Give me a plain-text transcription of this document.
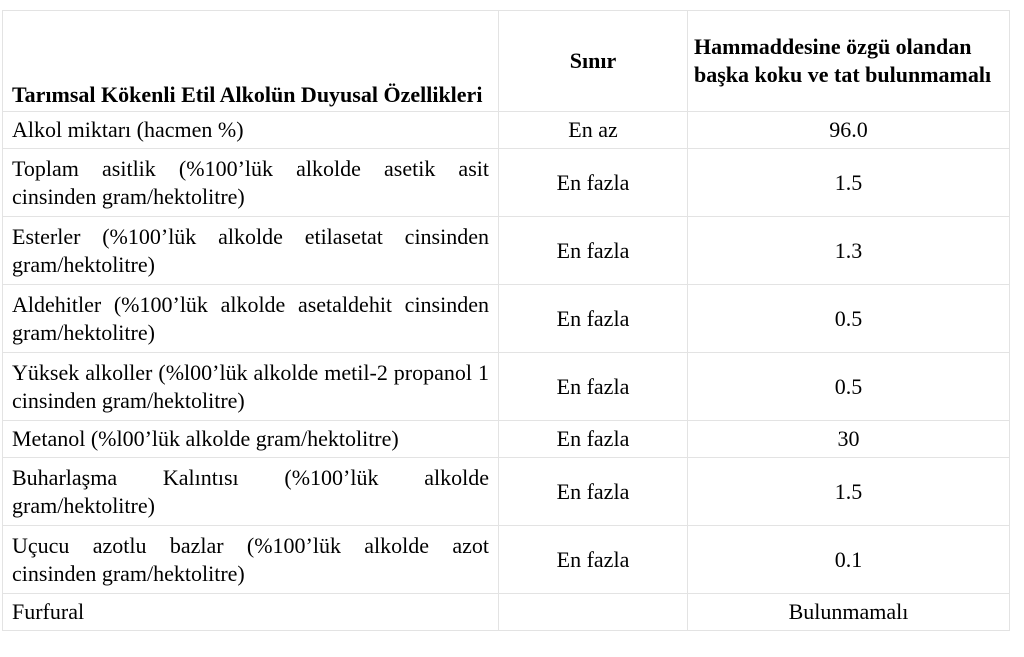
Tarımsal Kökenli Etil Alkolün Duyusal Özellikleri	Sınır	Hammaddesine özgü olandan başka koku ve tat bulunmamalı
Alkol miktarı (hacmen %)	En az	96.0
Toplam asitlik (%100’lük alkolde asetik asit cinsinden gram/hektolitre)	En fazla	1.5
Esterler (%100’lük alkolde etilasetat cinsinden gram/hektolitre)	En fazla	1.3
Aldehitler (%100’lük alkolde asetaldehit cinsinden gram/hektolitre)	En fazla	0.5
Yüksek alkoller (%l00’lük alkolde metil-2 propanol 1 cinsinden gram/hektolitre)	En fazla	0.5
Metanol (%l00’lük alkolde gram/hektolitre)	En fazla	30
Buharlaşma Kalıntısı (%100’lük alkolde gram/hektolitre)	En fazla	1.5
Uçucu azotlu bazlar (%100’lük alkolde azot cinsinden gram/hektolitre)	En fazla	0.1
Furfural		Bulunmamalı
